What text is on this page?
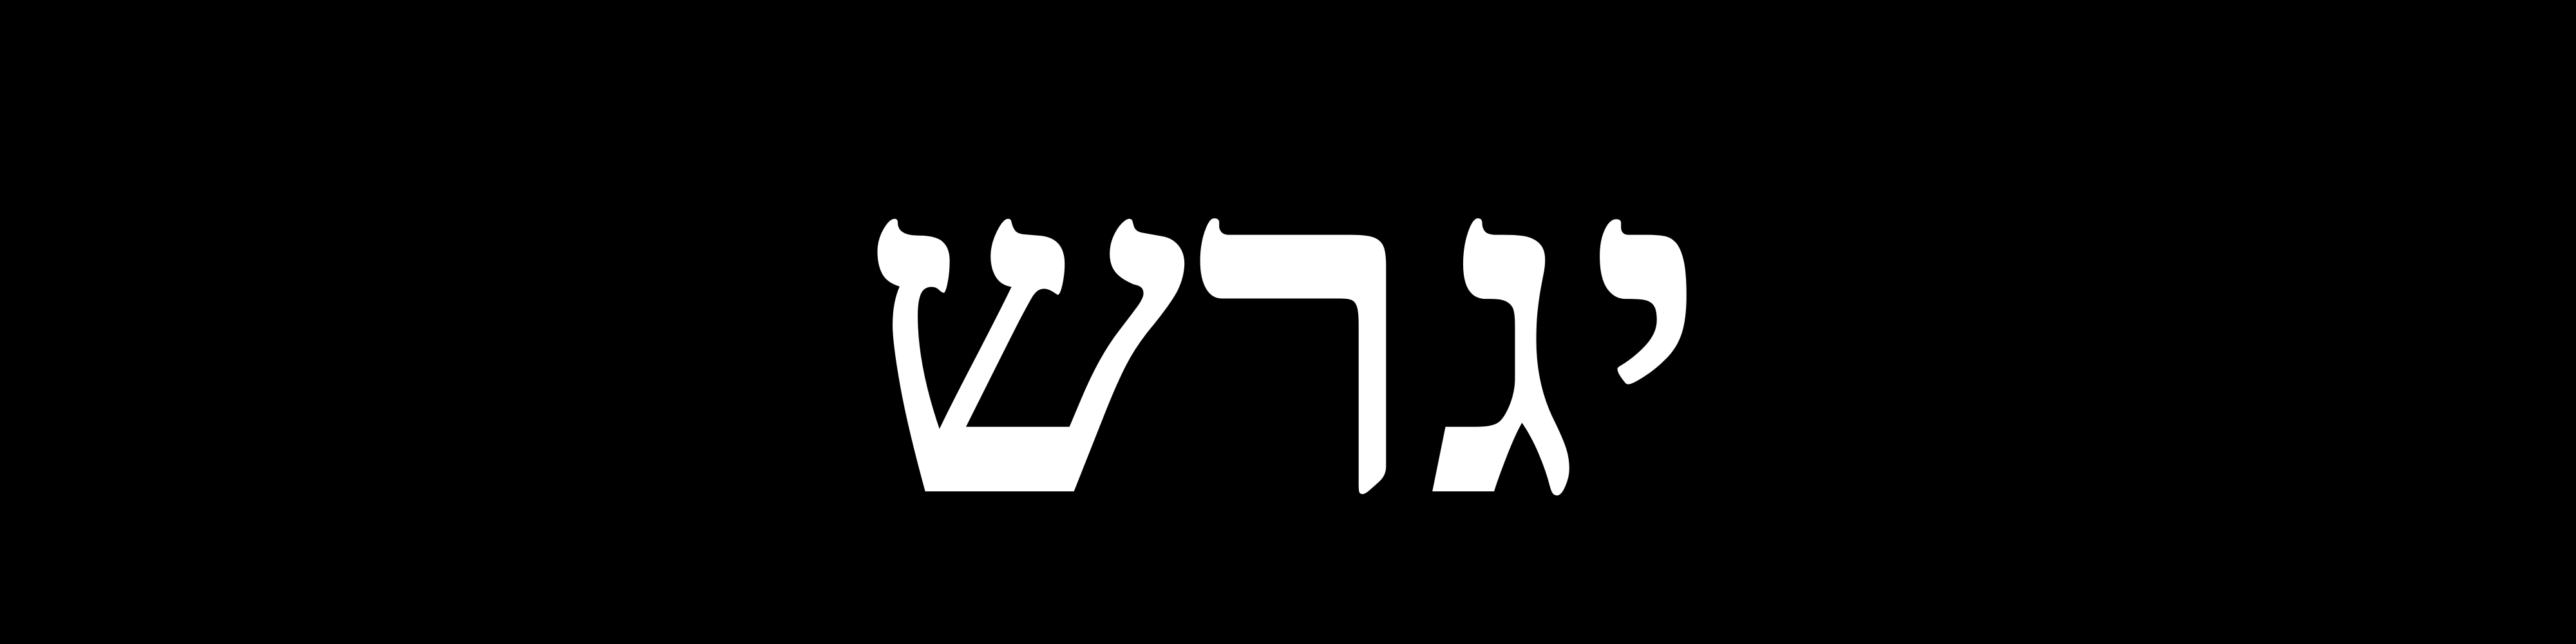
יגרש
